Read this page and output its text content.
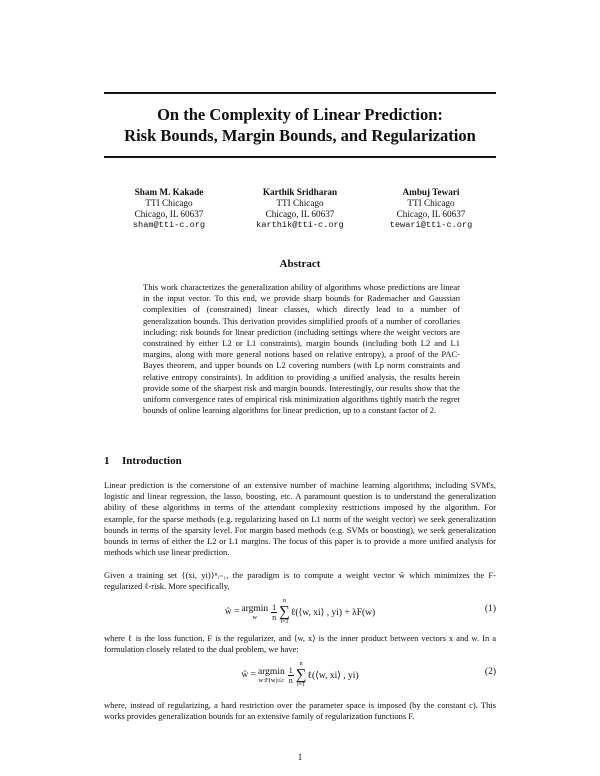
On the Complexity of Linear Prediction:
Risk Bounds, Margin Bounds, and Regularization
Sham M. Kakade
TTI Chicago
Chicago, IL 60637
sham@tti-c.org
Karthik Sridharan
TTI Chicago
Chicago, IL 60637
karthik@tti-c.org
Ambuj Tewari
TTI Chicago
Chicago, IL 60637
tewari@tti-c.org
Abstract
This work characterizes the generalization ability of algorithms whose predictions are linear in the input vector. To this end, we provide sharp bounds for Rademacher and Gaussian complexities of (constrained) linear classes, which directly lead to a number of generalization bounds. This derivation provides simplified proofs of a number of corollaries including: risk bounds for linear prediction (including settings where the weight vectors are constrained by either L2 or L1 constraints), margin bounds (including both L2 and L1 margins, along with more general notions based on relative entropy), a proof of the PAC-Bayes theorem, and upper bounds on L2 covering numbers (with Lp norm constraints and relative entropy constraints). In addition to providing a unified analysis, the results herein provide some of the sharpest risk and margin bounds. Interestingly, our results show that the uniform convergence rates of empirical risk minimization algorithms tightly match the regret bounds of online learning algorithms for linear prediction, up to a constant factor of 2.
1 Introduction
Linear prediction is the cornerstone of an extensive number of machine learning algorithms, including SVM's, logistic and linear regression, the lasso, boosting, etc. A paramount question is to understand the generalization ability of these algorithms in terms of the attendant complexity restrictions imposed by the algorithm. For example, for the sparse methods (e.g. regularizing based on L1 norm of the weight vector) we seek generalization bounds in terms of the sparsity level. For margin based methods (e.g. SVMs or boosting), we seek generalization bounds in terms of either the L2 or L1 margins. The focus of this paper is to provide a more unified analysis for methods which use linear prediction.
Given a training set {(xi, yi)}ⁿᵢ₌₁, the paradigm is to compute a weight vector ŵ which minimizes the F-regularized ℓ-risk. More specifically,
ŵ = argmin
w $\frac{1}{n}$
n
∑
i=1
ℓ(⟨w, xi⟩ , yi) + λF(w)	(1)
where ℓ is the loss function, F is the regularizer, and ⟨w, x⟩ is the inner product between vectors x and w. In a formulation closely related to the dual problem, we have:
ŵ = argmin
w:F(w)≤c $\frac{1}{n}$
n
∑
i=1
ℓ(⟨w, xi⟩ , yi)	(2)
where, instead of regularizing, a hard restriction over the parameter space is imposed (by the constant c). This works provides generalization bounds for an extensive family of regularization functions F.
1
